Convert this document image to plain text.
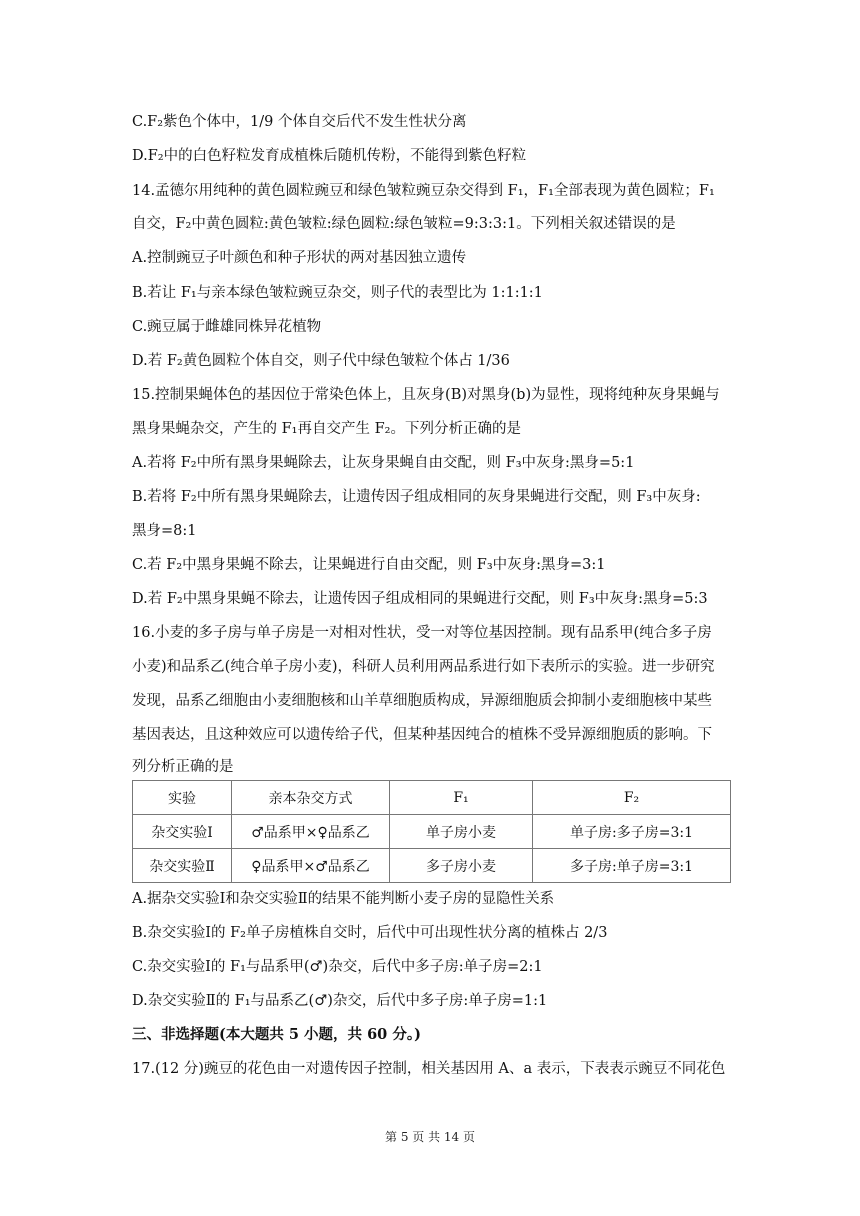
C.F₂紫色个体中，1/9 个体自交后代不发生性状分离
D.F₂中的白色籽粒发育成植株后随机传粉，不能得到紫色籽粒
14.孟德尔用纯种的黄色圆粒豌豆和绿色皱粒豌豆杂交得到 F₁，F₁全部表现为黄色圆粒；F₁
自交，F₂中黄色圆粒:黄色皱粒:绿色圆粒:绿色皱粒=9:3:3:1。下列相关叙述错误的是
A.控制豌豆子叶颜色和种子形状的两对基因独立遗传
B.若让 F₁与亲本绿色皱粒豌豆杂交，则子代的表型比为 1:1:1:1
C.豌豆属于雌雄同株异花植物
D.若 F₂黄色圆粒个体自交，则子代中绿色皱粒个体占 1/36
15.控制果蝇体色的基因位于常染色体上，且灰身(B)对黑身(b)为显性，现将纯种灰身果蝇与
黑身果蝇杂交，产生的 F₁再自交产生 F₂。下列分析正确的是
A.若将 F₂中所有黑身果蝇除去，让灰身果蝇自由交配，则 F₃中灰身:黑身=5:1
B.若将 F₂中所有黑身果蝇除去，让遗传因子组成相同的灰身果蝇进行交配，则 F₃中灰身:
黑身=8:1
C.若 F₂中黑身果蝇不除去，让果蝇进行自由交配，则 F₃中灰身:黑身=3:1
D.若 F₂中黑身果蝇不除去，让遗传因子组成相同的果蝇进行交配，则 F₃中灰身:黑身=5:3
16.小麦的多子房与单子房是一对相对性状，受一对等位基因控制。现有品系甲(纯合多子房
小麦)和品系乙(纯合单子房小麦)，科研人员利用两品系进行如下表所示的实验。进一步研究
发现，品系乙细胞由小麦细胞核和山羊草细胞质构成，异源细胞质会抑制小麦细胞核中某些
基因表达，且这种效应可以遗传给子代，但某种基因纯合的植株不受异源细胞质的影响。下
列分析正确的是
实验	亲本杂交方式	F₁	F₂
杂交实验Ⅰ	♂品系甲×♀品系乙	单子房小麦	单子房:多子房=3:1
杂交实验Ⅱ	♀品系甲×♂品系乙	多子房小麦	多子房:单子房=3:1
A.据杂交实验Ⅰ和杂交实验Ⅱ的结果不能判断小麦子房的显隐性关系
B.杂交实验Ⅰ的 F₂单子房植株自交时，后代中可出现性状分离的植株占 2/3
C.杂交实验Ⅰ的 F₁与品系甲(♂)杂交，后代中多子房:单子房=2:1
D.杂交实验Ⅱ的 F₁与品系乙(♂)杂交，后代中多子房:单子房=1:1
三、非选择题(本大题共 5 小题，共 60 分。)
17.(12 分)豌豆的花色由一对遗传因子控制，相关基因用 A、a 表示，下表表示豌豆不同花色
第 5 页 共 14 页
